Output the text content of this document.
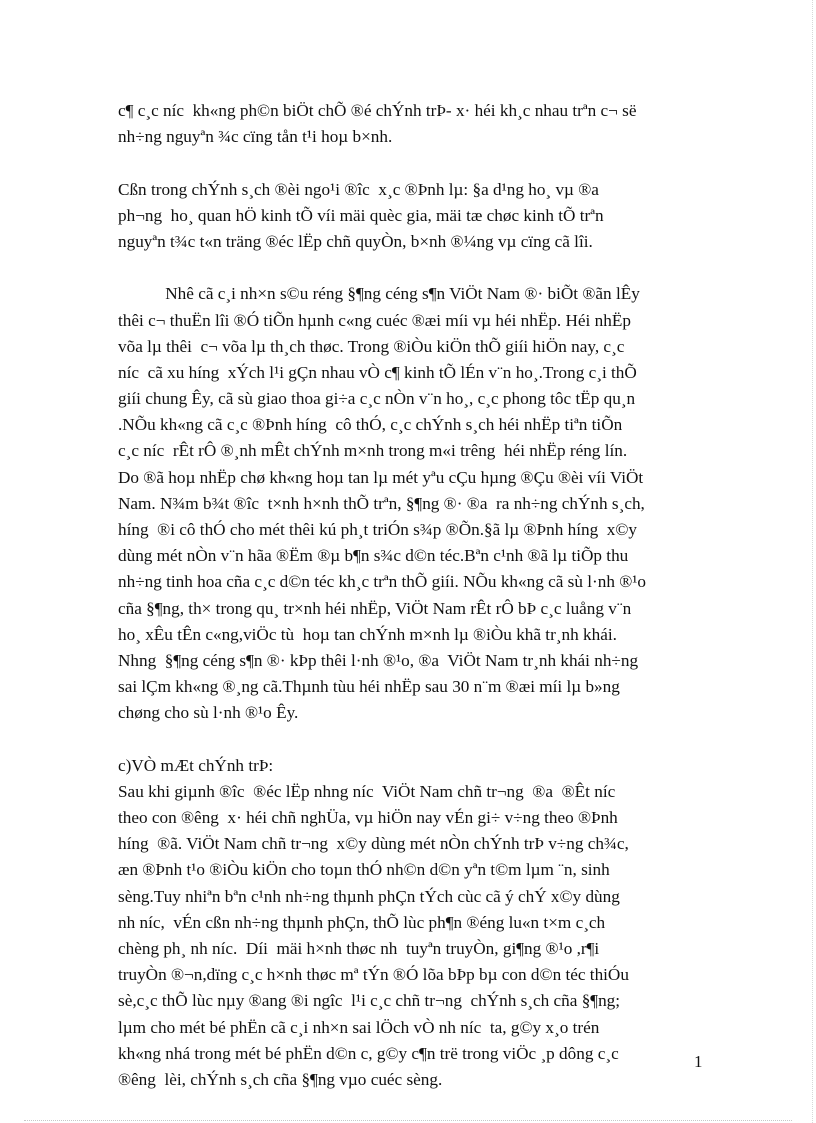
c¶ c¸c níc  kh«ng ph©n biÖt chÕ ®é chÝnh trÞ- x· héi kh¸c nhau trªn c¬ së
nh÷ng nguyªn ¾c cïng tån t¹i hoµ b×nh.
Cßn trong chÝnh s¸ch ®èi ngo¹i ®îc  x¸c ®Þnh lµ: §a d¹ng ho¸ vµ ®a
ph¬ng  ho¸ quan hÖ kinh tÕ víi mäi quèc gia, mäi tæ chøc kinh tÕ trªn
nguyªn t¾c t«n träng ®éc lËp chñ quyÒn, b×nh ®¼ng vµ cïng cã lîi.
Nhê cã c¸i nh×n s©u réng §¶ng céng s¶n ViÖt Nam ®· biÕt ®ãn lÊy
thêi c¬ thuËn lîi ®Ó tiÕn hµnh c«ng cuéc ®æi míi vµ héi nhËp. Héi nhËp
võa lµ thêi  c¬ võa lµ th¸ch thøc. Trong ®iÒu kiÖn thÕ giíi hiÖn nay, c¸c
níc  cã xu híng  xÝch l¹i gÇn nhau vÒ c¶ kinh tÕ lÉn v¨n ho¸.Trong c¸i thÕ
giíi chung Êy, cã sù giao thoa gi÷a c¸c nÒn v¨n ho¸, c¸c phong tôc tËp qu¸n
.NÕu kh«ng cã c¸c ®Þnh híng  cô thÓ, c¸c chÝnh s¸ch héi nhËp tiªn tiÕn
c¸c níc  rÊt rÔ ®¸nh mÊt chÝnh m×nh trong m«i trêng  héi nhËp réng lín.
Do ®ã hoµ nhËp chø kh«ng hoµ tan lµ mét yªu cÇu hµng ®Çu ®èi víi ViÖt
Nam. N¾m b¾t ®îc  t×nh h×nh thÕ trªn, §¶ng ®· ®a  ra nh÷ng chÝnh s¸ch,
híng  ®i cô thÓ cho mét thêi kú ph¸t triÓn s¾p ®Õn.§ã lµ ®Þnh híng  x©y
dùng mét nÒn v¨n hãa ®Ëm ®µ b¶n s¾c d©n téc.Bªn c¹nh ®ã lµ tiÕp thu
nh÷ng tinh hoa cña c¸c d©n téc kh¸c trªn thÕ giíi. NÕu kh«ng cã sù l·nh ®¹o
cña §¶ng, th× trong qu¸ tr×nh héi nhËp, ViÖt Nam rÊt rÔ bÞ c¸c luång v¨n
ho¸ xÊu tÊn c«ng,viÖc tù  hoµ tan chÝnh m×nh lµ ®iÒu khã tr¸nh khái.
Nhng  §¶ng céng s¶n ®· kÞp thêi l·nh ®¹o, ®a  ViÖt Nam tr¸nh khái nh÷ng
sai lÇm kh«ng ®¸ng cã.Thµnh tùu héi nhËp sau 30 n¨m ®æi míi lµ b»ng
chøng cho sù l·nh ®¹o Êy.
c)VÒ mÆt chÝnh trÞ:
Sau khi giµnh ®îc  ®éc lËp nhng níc  ViÖt Nam chñ tr¬ng  ®a  ®Êt níc
theo con ®êng  x· héi chñ nghÜa, vµ hiÖn nay vÉn gi÷ v÷ng theo ®Þnh
híng  ®ã. ViÖt Nam chñ tr¬ng  x©y dùng mét nÒn chÝnh trÞ v÷ng ch¾c,
æn ®Þnh t¹o ®iÒu kiÖn cho toµn thÓ nh©n d©n yªn t©m lµm ¨n, sinh
sèng.Tuy nhiªn bªn c¹nh nh÷ng thµnh phÇn tÝch cùc cã ý chÝ x©y dùng
nh níc,  vÉn cßn nh÷ng thµnh phÇn, thÕ lùc ph¶n ®éng lu«n t×m c¸ch
chèng ph¸ nh níc.  Díi  mäi h×nh thøc nh  tuyªn truyÒn, gi¶ng ®¹o ,r¶i
truyÒn ®¬n,dïng c¸c h×nh thøc mª tÝn ®Ó lõa bÞp bµ con d©n téc thiÓu
sè,c¸c thÕ lùc nµy ®ang ®i ngîc  l¹i c¸c chñ tr¬ng  chÝnh s¸ch cña §¶ng;
lµm cho mét bé phËn cã c¸i nh×n sai lÖch vÒ nh níc  ta, g©y x¸o trén
kh«ng nhá trong mét bé phËn d©n c, g©y c¶n trë trong viÖc ¸p dông c¸c
®êng  lèi, chÝnh s¸ch cña §¶ng vµo cuéc sèng.
1
